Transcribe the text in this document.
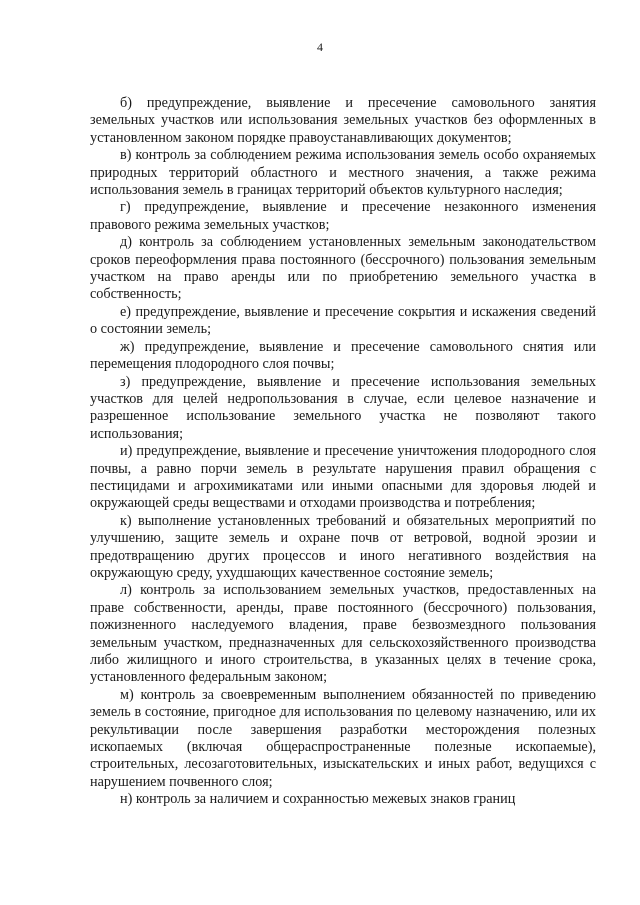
4

б) предупреждение, выявление и пресечение самовольного занятия земельных участков или использования земельных участков без оформленных в установленном законом порядке правоустанавливающих документов;

в) контроль за соблюдением режима использования земель особо охраняемых природных территорий областного и местного значения, а также режима использования земель в границах территорий объектов культурного наследия;

г) предупреждение, выявление и пресечение незаконного изменения правового режима земельных участков;

д) контроль за соблюдением установленных земельным законодательством сроков переоформления права постоянного (бессрочного) пользования земельным участком на право аренды или по приобретению земельного участка в собственность;

е) предупреждение, выявление и пресечение сокрытия и искажения сведений о состоянии земель;

ж) предупреждение, выявление и пресечение самовольного снятия или перемещения плодородного слоя почвы;

з) предупреждение, выявление и пресечение использования земельных участков для целей недропользования в случае, если целевое назначение и разрешенное использование земельного участка не позволяют такого использования;

и) предупреждение, выявление и пресечение уничтожения плодородного слоя почвы, а равно порчи земель в результате нарушения правил обращения с пестицидами и агрохимикатами или иными опасными для здоровья людей и окружающей среды веществами и отходами производства и потребления;

к) выполнение установленных требований и обязательных мероприятий по улучшению, защите земель и охране почв от ветровой, водной эрозии и предотвращению других процессов и иного негативного воздействия на окружающую среду, ухудшающих качественное состояние земель;

л) контроль за использованием земельных участков, предоставленных на праве собственности, аренды, праве постоянного (бессрочного) пользования, пожизненного наследуемого владения, праве безвозмездного пользования земельным участком, предназначенных для сельскохозяйственного производства либо жилищного и иного строительства, в указанных целях в течение срока, установленного федеральным законом;

м) контроль за своевременным выполнением обязанностей по приведению земель в состояние, пригодное для использования по целевому назначению, или их рекультивации после завершения разработки месторождения полезных ископаемых (включая общераспространенные полезные ископаемые), строительных, лесозаготовительных, изыскательских и иных работ, ведущихся с нарушением почвенного слоя;

н) контроль за наличием и сохранностью межевых знаков границ
